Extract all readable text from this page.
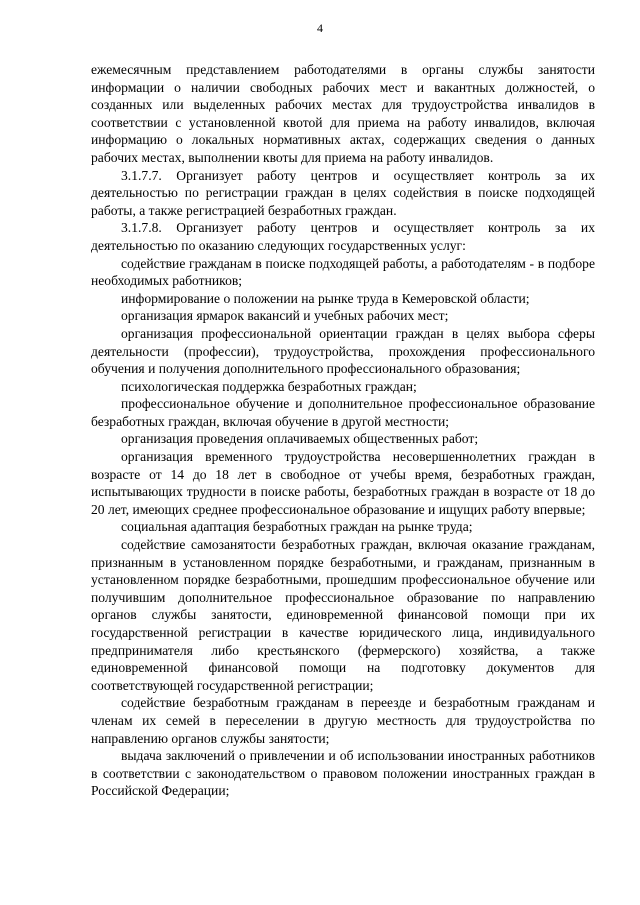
4

ежемесячным представлением работодателями в органы службы занятости информации о наличии свободных рабочих мест и вакантных должностей, о созданных или выделенных рабочих местах для трудоустройства инвалидов в соответствии с установленной квотой для приема на работу инвалидов, включая информацию о локальных нормативных актах, содержащих сведения о данных рабочих местах, выполнении квоты для приема на работу инвалидов.

3.1.7.7. Организует работу центров и осуществляет контроль за их деятельностью по регистрации граждан в целях содействия в поиске подходящей работы, а также регистрацией безработных граждан.

3.1.7.8. Организует работу центров и осуществляет контроль за их деятельностью по оказанию следующих государственных услуг:

содействие гражданам в поиске подходящей работы, а работодателям - в подборе необходимых работников;

информирование о положении на рынке труда в Кемеровской области;

организация ярмарок вакансий и учебных рабочих мест;

организация профессиональной ориентации граждан в целях выбора сферы деятельности (профессии), трудоустройства, прохождения профессионального обучения и получения дополнительного профессионального образования;

психологическая поддержка безработных граждан;

профессиональное обучение и дополнительное профессиональное образование безработных граждан, включая обучение в другой местности;

организация проведения оплачиваемых общественных работ;

организация временного трудоустройства несовершеннолетних граждан в возрасте от 14 до 18 лет в свободное от учебы время, безработных граждан, испытывающих трудности в поиске работы, безработных граждан в возрасте от 18 до 20 лет, имеющих среднее профессиональное образование и ищущих работу впервые;

социальная адаптация безработных граждан на рынке труда;

содействие самозанятости безработных граждан, включая оказание гражданам, признанным в установленном порядке безработными, и гражданам, признанным в установленном порядке безработными, прошедшим профессиональное обучение или получившим дополнительное профессиональное образование по направлению органов службы занятости, единовременной финансовой помощи при их государственной регистрации в качестве юридического лица, индивидуального предпринимателя либо крестьянского (фермерского) хозяйства, а также единовременной финансовой помощи на подготовку документов для соответствующей государственной регистрации;

содействие безработным гражданам в переезде и безработным гражданам и членам их семей в переселении в другую местность для трудоустройства по направлению органов службы занятости;

выдача заключений о привлечении и об использовании иностранных работников в соответствии с законодательством о правовом положении иностранных граждан в Российской Федерации;
